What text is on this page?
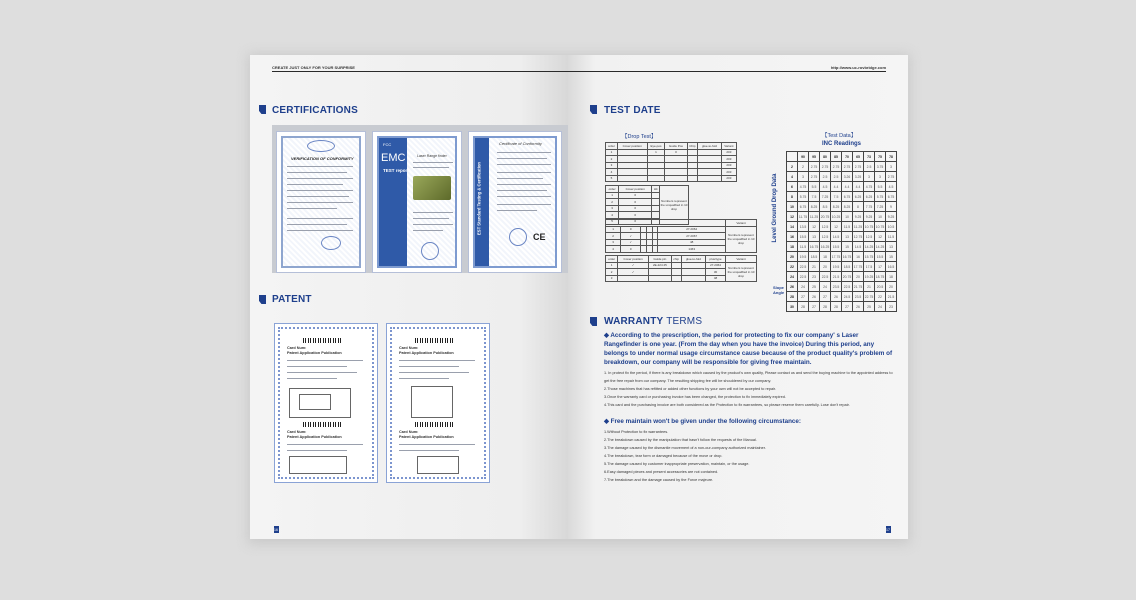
CREATE JUST ONLY FOR YOUR SURPRISE
CERTIFICATIONS
VERIFICATION OF CONFORMITY
FCC
EMC
TEST report
Laser Range finder
EST Standard Testing & Certification
Certificate of Conformity
CE
PATENT
Card Num:
Patent Application Publication
Card Num:
Patent Application Publication
Card Num:
Patent Application Publication
Card Num:
Patent Application Publication
16
http://www.uc-rovbridge.com
TEST DATE
【Drop Test】
order	Cover position	Eye-pos	Guide Pos	Chip	glue-to-fold	Variant
1		1	0			203
2						203
3						203
4						203
5						203
order	Cover position	Hit	Numbers represent the unqualified in 10 drop
1	0		
2	0		
3	0		
4	0		
5	0		
						Variant
1	0				27.2064	Numbers represent the unqualified in 10 drop
2	✓				27.2067	
3	✓				48	
4	0				1463	
order	Cover position	Guide pin	chip	glue-to-fold	plus/type	Variant
1	✓	2E-224 25			27.2064	Numbers represent the unqualified in 10 drop
2	✓				30	
3					48	
【Test Data】
INC Readings
Level Ground Drop Data
Slope Angle
	90	95	80	85	70	65	73	75	78
2	2	2.75	2.75	2.75	2.75	2.75	2.5	3.75	3
4	3	2.75	2.5	2.5	3.26	3.25	3	3	2.75
6	4.75	5.5	4.5	4.4	4.4	4.4	4.75	5.5	4.5
8	5.75	7.5	7.25	7.5	6.75	6.25	6.25	5.75	6.75
10	6.75	8.25	8.5	8.25	8.25	8	7.75	7.25	9
12	11.75	11.25	20.75	10.25	10	9.25	9.25	10	9.25
14	13.5	12	12.5	12	11.5	11.25	10.75	10.75	10.5
16	15.5	13	12.5	14.5	13	12.75	12.5	12	11.5
18	11.5	16.75	16.25	15.5	15	14.5	14.25	14.25	13
20	19.5	18.5	18	17.75	16.75	16	15.75	15.5	15
22	22.5	21	20	19.5	18.5	17.75	17.5	17	16.5
24	22.5	23	22.5	21.5	20.75	20	19.25	18.75	18
26	24	25	24	23.5	22.5	21.75	21	20.5	20
28	27	26	27	26	24.5	23.5	22.75	22	21.5
30	28	27	28	28	27	26	25	24	23
WARRANTY TERMS
◆ According to the prescription, the period for protecting to fix our company' s Laser Rangefinder is one year. (From the day when you have the invoice) During this period, any belongs to under normal usage circumstance cause because of the product quality's problem of breakdown, our company will be responsible for giving free maintain.
1. In protect fix the period, if there is any breakdown which caused by the product's own quality, Please contact us and send the buying machine to the appointed address to get the free repair from our company. The resulting shipping fee will be shouldered by our company.
2.Those machines that has refitted or added other functions by your own will not be accepted to repair.
3.Once the warranty card or purchasing invoice has been changed, the protection to fix immediately expired.
4.This card and the purchasing invoice are both considered as the Protection to fix warrantees, so please reserve them carefully. Lose don't repair.
◆ Free maintain won't be given under the following circumstance:
1.Without Protection to fix warrantees.
2.The breakdown caused by the manipulation that hasn't follow the requests of the Manual.
3.The damage caused by the dismantle movement of a non-our-company authorized maintainer.
4.The breakdown, tear form or damaged because of the move or drop.
5.The damage caused by customer inappropriate preservation, maintain, or the usage.
6.Easy damaged pieces and present accessories are not contained.
7.The breakdown and the damage caused by the Force majeure.
17
